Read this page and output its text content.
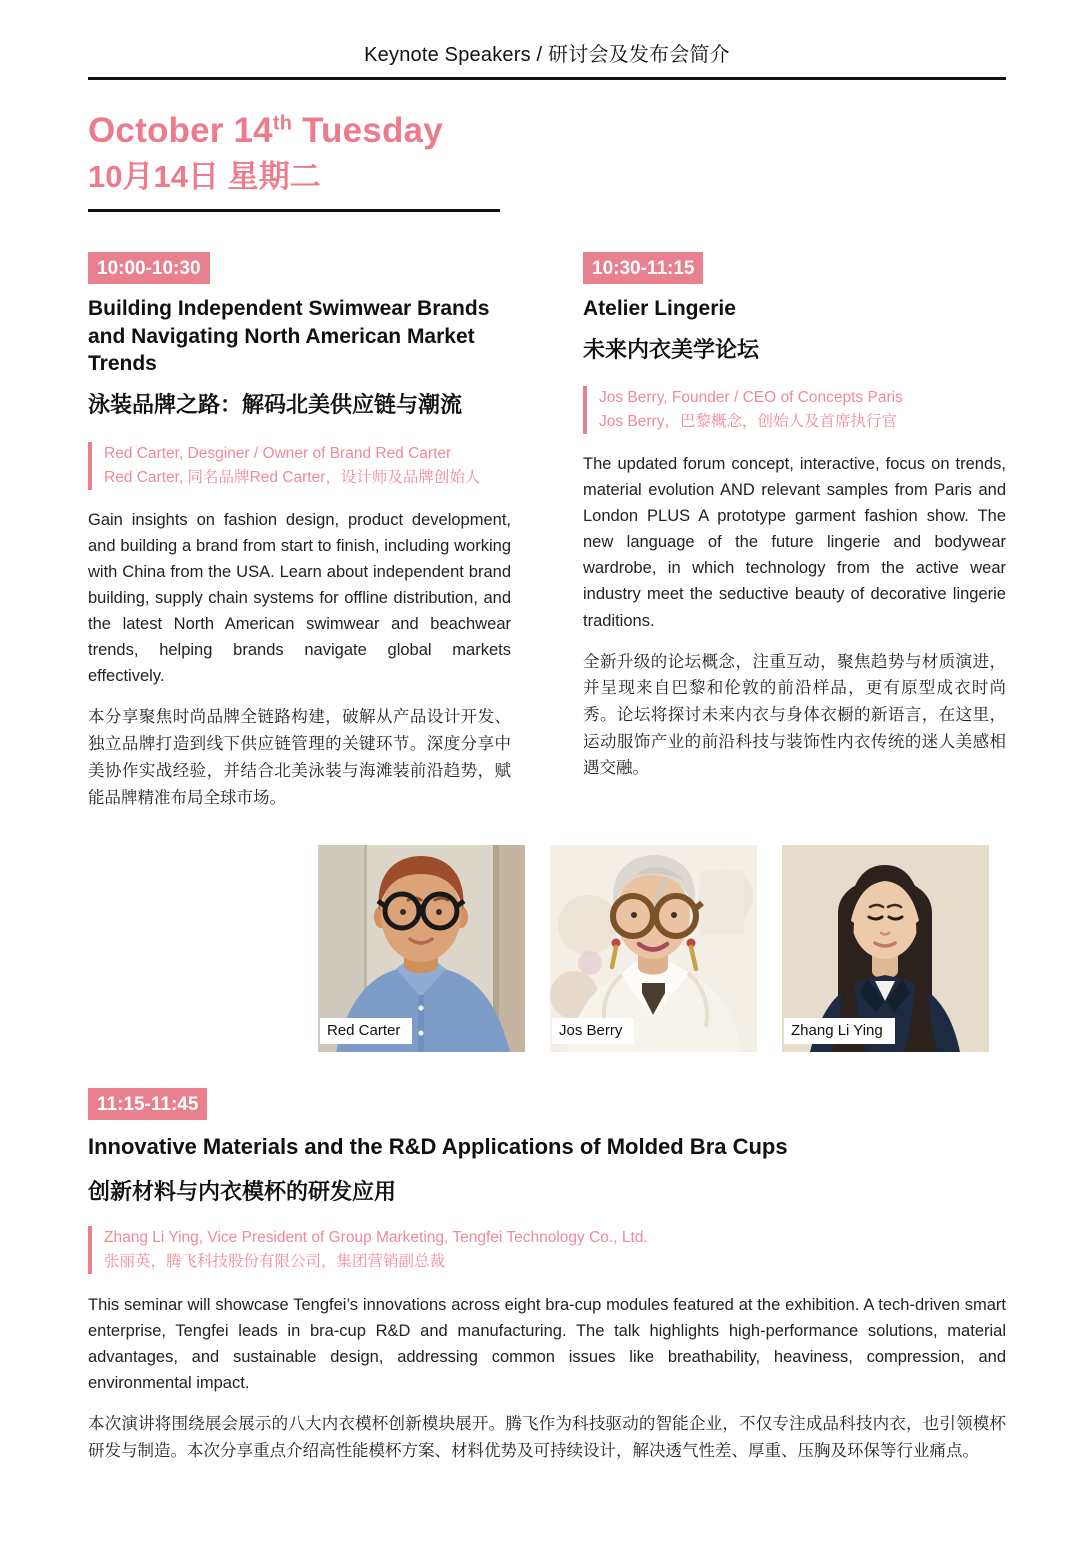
Keynote Speakers / 研讨会及发布会简介
October 14th Tuesday
10月14日 星期二
10:00-10:30
Building Independent Swimwear Brands and Navigating North American Market Trends
泳装品牌之路：解码北美供应链与潮流
Red Carter, Desginer / Owner of Brand Red Carter
Red Carter, 同名品牌Red Carter，设计师及品牌创始人

Gain insights on fashion design, product development, and building a brand from start to finish, including working with China from the USA. Learn about independent brand building, supply chain systems for offline distribution, and the latest North American swimwear and beachwear trends, helping brands navigate global markets effectively.

本分享聚焦时尚品牌全链路构建，破解从产品设计开发、独立品牌打造到线下供应链管理的关键环节。深度分享中美协作实战经验，并结合北美泳装与海滩装前沿趋势，赋能品牌精准布局全球市场。

10:30-11:15
Atelier Lingerie
未来内衣美学论坛
Jos Berry, Founder / CEO of Concepts Paris
Jos Berry，巴黎概念，创始人及首席执行官

The updated forum concept, interactive, focus on trends, material evolution AND relevant samples from Paris and London PLUS A prototype garment fashion show. The new language of the future lingerie and bodywear wardrobe, in which technology from the active wear industry meet the seductive beauty of decorative lingerie traditions.

全新升级的论坛概念，注重互动，聚焦趋势与材质演进，并呈现来自巴黎和伦敦的前沿样品，更有原型成衣时尚秀。论坛将探讨未来内衣与身体衣橱的新语言，在这里，运动服饰产业的前沿科技与装饰性内衣传统的迷人美感相遇交融。

Red Carter	Jos Berry	Zhang Li Ying
11:15-11:45
Innovative Materials and the R&D Applications of Molded Bra Cups
创新材料与内衣模杯的研发应用
Zhang Li Ying, Vice President of Group Marketing, Tengfei Technology Co., Ltd.
张丽英，腾飞科技股份有限公司，集团营销副总裁

This seminar will showcase Tengfei’s innovations across eight bra-cup modules featured at the exhibition. A tech-driven smart enterprise, Tengfei leads in bra-cup R&D and manufacturing. The talk highlights high-performance solutions, material advantages, and sustainable design, addressing common issues like breathability, heaviness, compression, and environmental impact.

本次演讲将围绕展会展示的八大内衣模杯创新模块展开。腾飞作为科技驱动的智能企业，不仅专注成品科技内衣，也引领模杯研发与制造。本次分享重点介绍高性能模杯方案、材料优势及可持续设计，解决透气性差、厚重、压胸及环保等行业痛点。
